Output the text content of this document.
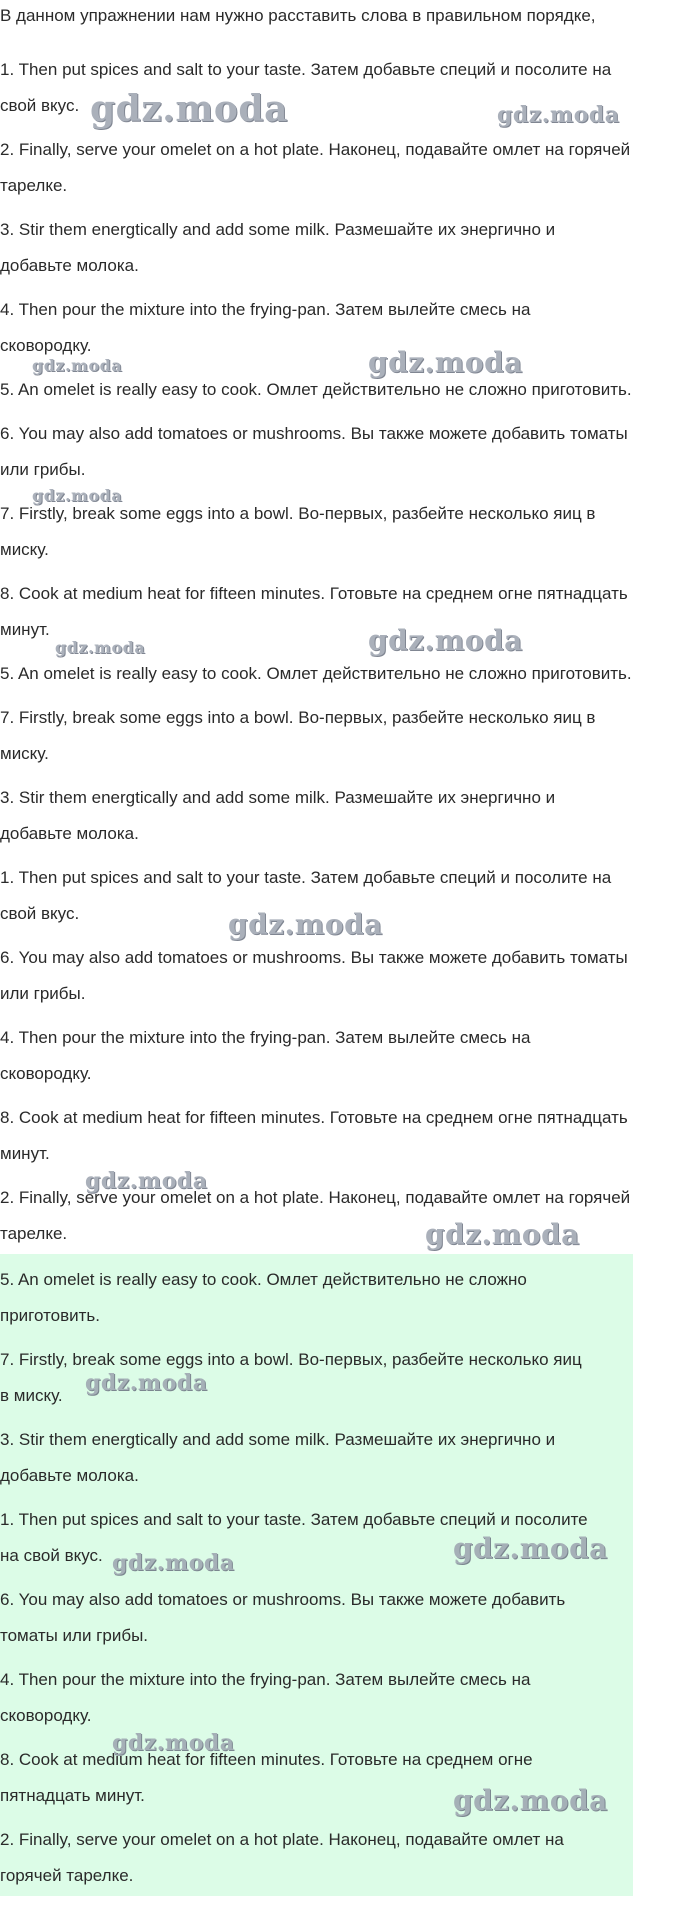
В данном упражнении нам нужно расставить слова в правильном порядке,
1. Then put spices and salt to your taste. Затем добавьте специй и посолите на
свой вкус.
2. Finally, serve your omelet on a hot plate. Наконец, подавайте омлет на горячей
тарелке.
3. Stir them energtically and add some milk. Размешайте их энергично и
добавьте молока.
4. Then pour the mixture into the frying-pan. Затем вылейте смесь на
сковородку.
5. An omelet is really easy to cook. Омлет действительно не сложно приготовить.
6. You may also add tomatoes or mushrooms. Вы также можете добавить томаты
или грибы.
7. Firstly, break some eggs into a bowl. Во-первых, разбейте несколько яиц в
миску.
8. Cook at medium heat for fifteen minutes. Готовьте на среднем огне пятнадцать
минут.
5. An omelet is really easy to cook. Омлет действительно не сложно приготовить.
7. Firstly, break some eggs into a bowl. Во-первых, разбейте несколько яиц в
миску.
3. Stir them energtically and add some milk. Размешайте их энергично и
добавьте молока.
1. Then put spices and salt to your taste. Затем добавьте специй и посолите на
свой вкус.
6. You may also add tomatoes or mushrooms. Вы также можете добавить томаты
или грибы.
4. Then pour the mixture into the frying-pan. Затем вылейте смесь на
сковородку.
8. Cook at medium heat for fifteen minutes. Готовьте на среднем огне пятнадцать
минут.
2. Finally, serve your omelet on a hot plate. Наконец, подавайте омлет на горячей
тарелке.
5. An omelet is really easy to cook. Омлет действительно не сложно
приготовить.
7. Firstly, break some eggs into a bowl. Во-первых, разбейте несколько яиц
в миску.
3. Stir them energtically and add some milk. Размешайте их энергично и
добавьте молока.
1. Then put spices and salt to your taste. Затем добавьте специй и посолите
на свой вкус.
6. You may also add tomatoes or mushrooms. Вы также можете добавить
томаты или грибы.
4. Then pour the mixture into the frying-pan. Затем вылейте смесь на
сковородку.
8. Cook at medium heat for fifteen minutes. Готовьте на среднем огне
пятнадцать минут.
2. Finally, serve your omelet on a hot plate. Наконец, подавайте омлет на
горячей тарелке.
gdz.moda	gdz.moda
gdz.moda	gdz.moda
gdz.moda
gdz.moda	gdz.moda
gdz.moda
gdz.moda
gdz.moda
gdz.moda
gdz.moda	gdz.moda
gdz.moda
gdz.moda
